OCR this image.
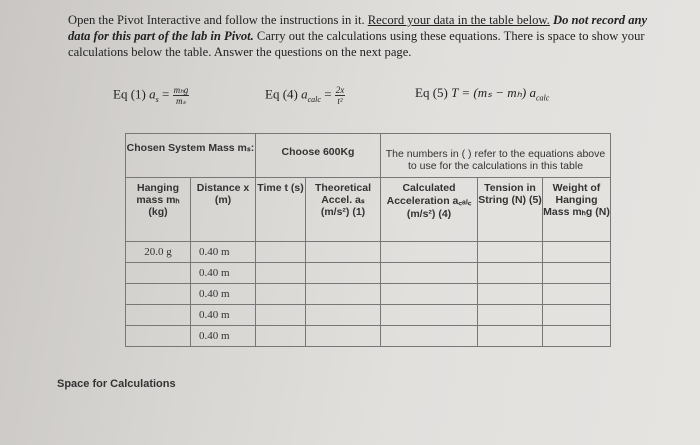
Open the Pivot Interactive and follow the instructions in it. Record your data in the table below. Do not record any data for this part of the lab in Pivot. Carry out the calculations using these equations. There is space to show your calculations below the table. Answer the questions on the next page.
Eq (1) $a_s = \frac{\text{mₕg}}{\text{mₛ}}$	Eq (4) $a_{calc} = \frac{2x}{\text{t²}}$	Eq (5) T = (mₛ − mₕ) $a_{calc}$
Chosen System Mass mₛ:		Choose 600Kg		The numbers in ( ) refer to the equations above to use for the calculations in this table		
Hanging mass mₕ (kg)	Distance x (m)	Time t (s)	Theoretical Accel. aₛ (m/s²) (1)	Calculated Acceleration a꜀ₐₗ꜀ (m/s²) (4)	Tension in String (N) (5)	Weight of Hanging Mass mₕg (N)
20.0 g	0.40 m					
	0.40 m					
	0.40 m					
	0.40 m					
	0.40 m					
Space for Calculations
